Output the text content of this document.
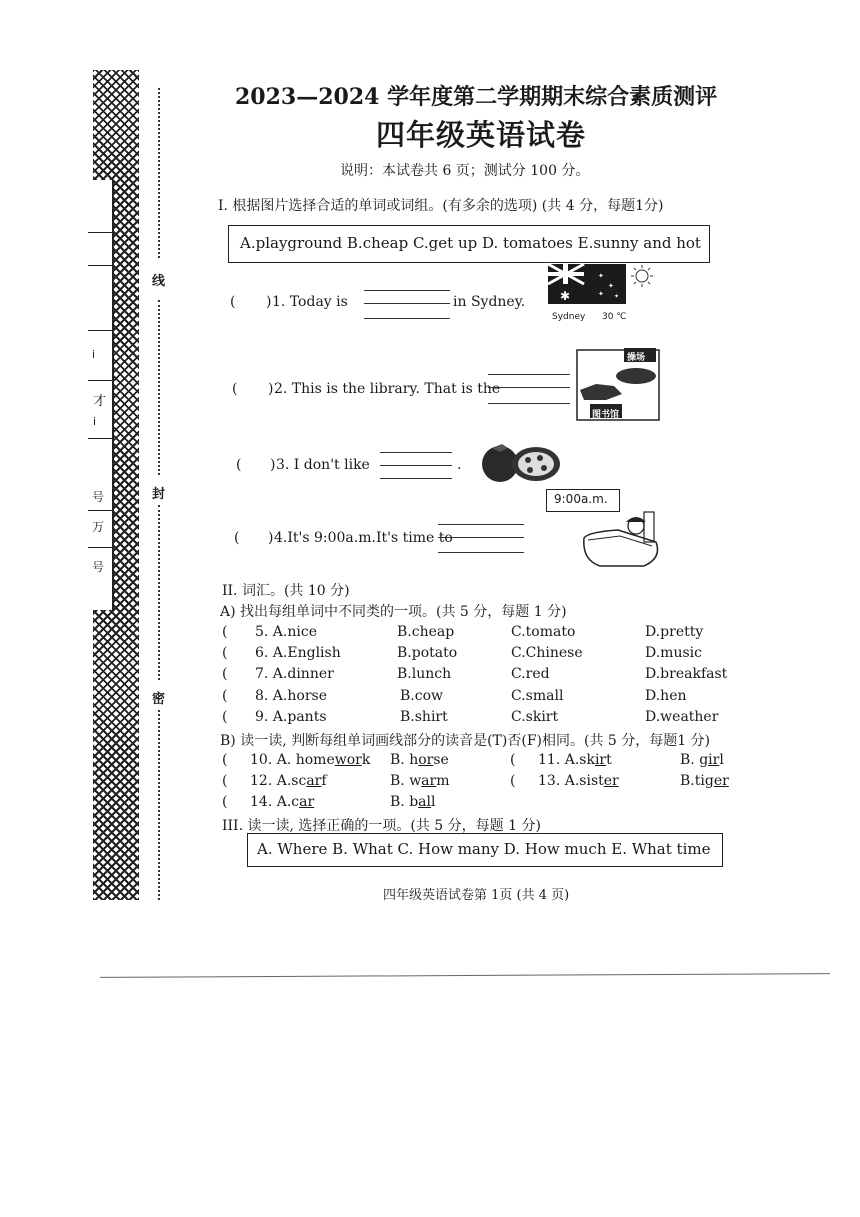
i
才
i
号
万
号
线
封
密
2023—2024 学年度第二学期期末综合素质测评
四年级英语试卷
说明：本试卷共 6 页；测试分 100 分。
I. 根据图片选择合适的单词或词组。(有多余的选项) (共 4 分，每题1分)
A.playground B.cheap C.get up D. tomatoes E.sunny and hot
( ) 1. Today is	in Sydney.	✱
✦
✦
✦ ✦
Sydney 30 ℃
( ) 2. This is the library. That is the
操场
图书馆
( ) 3. I don't like	.
9:00a.m.
( ) 4.It's 9:00a.m.It's time to
II. 词汇。(共 10 分)
A) 找出每组单词中不同类的一项。(共 5 分，每题 1 分)
( 5. A.nice	B.cheap	C.tomato	D.pretty
( 6. A.English	B.potato	C.Chinese	D.music
( 7. A.dinner	B.lunch	C.red	D.breakfast
( 8. A.horse	B.cow	C.small	D.hen
( 9. A.pants	B.shirt	C.skirt	D.weather
B) 读一读, 判断每组单词画线部分的读音是(T)否(F)相同。(共 5 分，每题1 分)
( 10. A. homework B. horse	( 11. A.skirt	B. girl
( 12. A.scarf	B. warm	( 13. A.sister	B.tiger
( 14. A.car	B. ball
III. 读一读, 选择正确的一项。(共 5 分，每题 1 分)
A. Where B. What C. How many D. How much E. What time
四年级英语试卷第 1页 (共 4 页)
